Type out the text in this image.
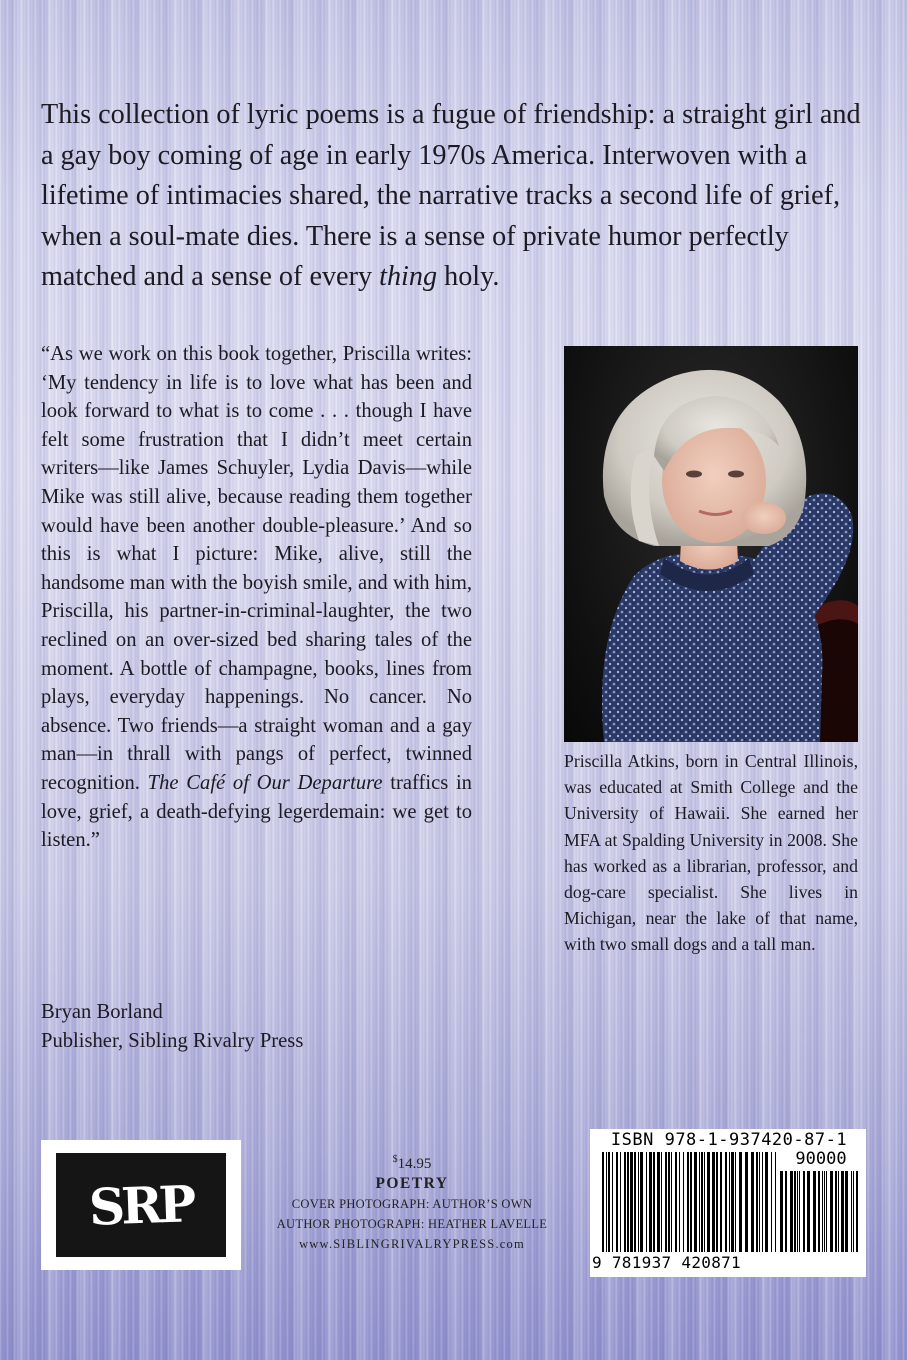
This collection of lyric poems is a fugue of friendship: a straight girl and a gay boy coming of age in early 1970s America. Interwoven with a lifetime of intimacies shared, the narrative tracks a second life of grief, when a soul-mate dies. There is a sense of private humor perfectly matched and a sense of every thing holy.

“As we work on this book together, Priscilla writes: ‘My tendency in life is to love what has been and look forward to what is to come . . . though I have felt some frustration that I didn’t meet certain writers—like James Schuyler, Lydia Davis—while Mike was still alive, because reading them together would have been another double-pleasure.’ And so this is what I picture: Mike, alive, still the handsome man with the boyish smile, and with him, Priscilla, his partner-in-criminal-laughter, the two reclined on an over-sized bed sharing tales of the moment. A bottle of champagne, books, lines from plays, everyday happenings. No cancer. No absence. Two friends—a straight woman and a gay man—in thrall with pangs of perfect, twinned recognition. The Café of Our Departure traffics in love, grief, a death-defying legerdemain: we get to listen.”

Bryan Borland
Publisher, Sibling Rivalry Press

Priscilla Atkins, born in Central Illinois, was educated at Smith College and the University of Hawaii. She earned her MFA at Spalding University in 2008. She has worked as a librarian, professor, and dog-care specialist. She lives in Michigan, near the lake of that name, with two small dogs and a tall man.

SRP
$14.95
POETRY
COVER PHOTOGRAPH: AUTHOR’S OWN
AUTHOR PHOTOGRAPH: HEATHER LAVELLE
www.SIBLINGRIVALRYPRESS.com
ISBN 978-1-937420-87-1
90000
9 781937 420871
